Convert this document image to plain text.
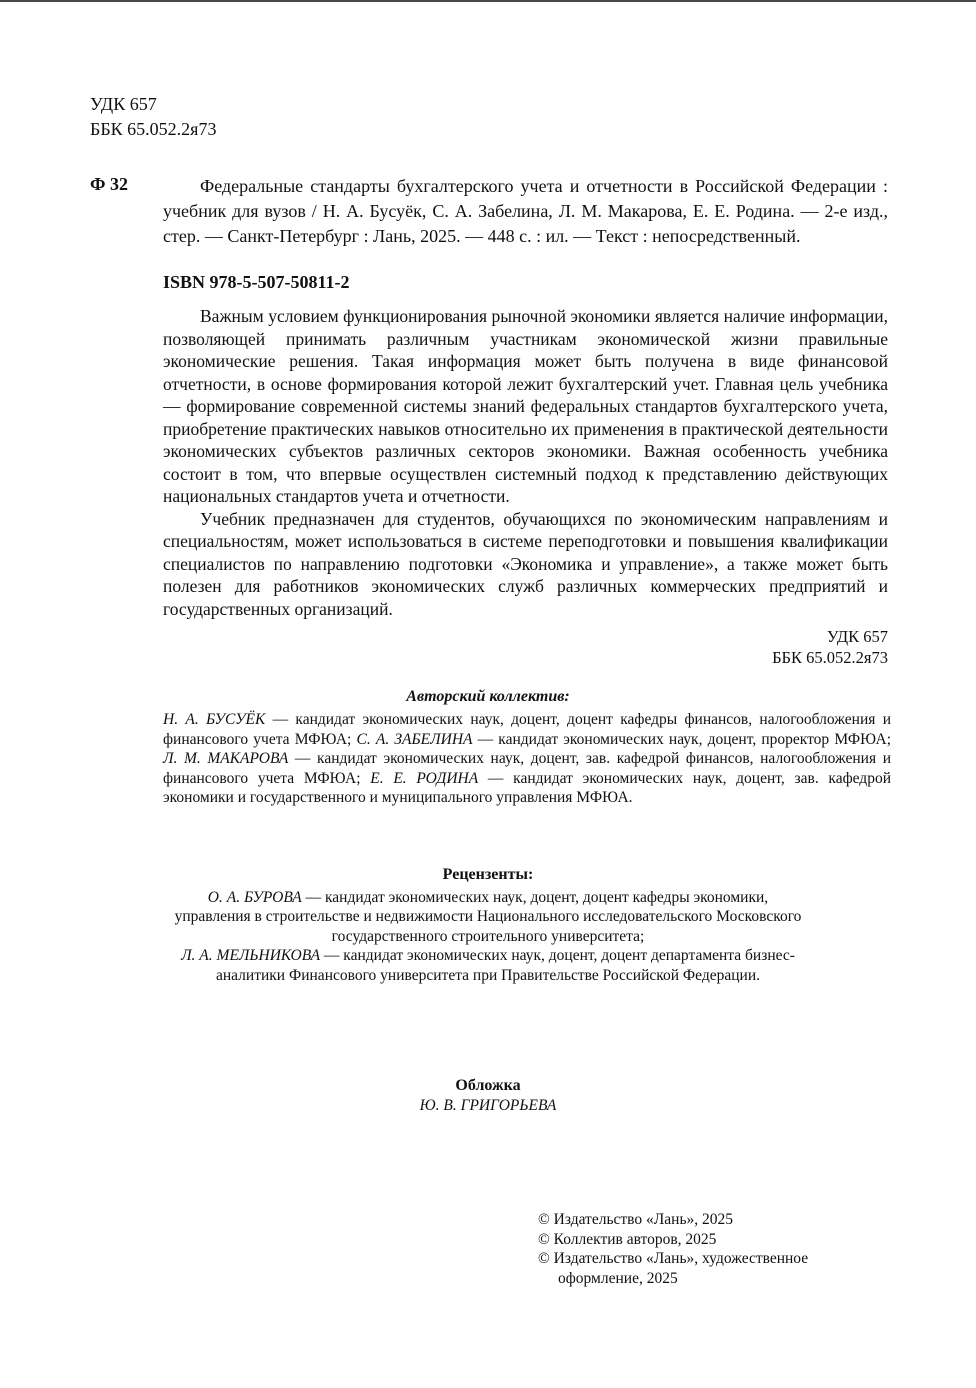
УДК 657
ББК 65.052.2я73
Ф 32	Федеральные стандарты бухгалтерского учета и отчетности в Российской Федерации : учебник для вузов / Н. А. Бусуёк, С. А. Забелина, Л. М. Макарова, Е. Е. Родина. — 2-е изд., стер. — Санкт-Петербург : Лань, 2025. — 448 с. : ил. — Текст : непосредственный.

ISBN 978-5-507-50811-2

Важным условием функционирования рыночной экономики является наличие информации, позволяющей принимать различным участникам экономической жизни правильные экономические решения. Такая информация может быть получена в виде финансовой отчетности, в основе формирования которой лежит бухгалтерский учет. Главная цель учебника — формирование современной системы знаний федеральных стандартов бухгалтерского учета, приобретение практических навыков относительно их применения в практической деятельности экономических субъектов различных секторов экономики. Важная особенность учебника состоит в том, что впервые осуществлен системный подход к представлению действующих национальных стандартов учета и отчетности.

Учебник предназначен для студентов, обучающихся по экономическим направлениям и специальностям, может использоваться в системе переподготовки и повышения квалификации специалистов по направлению подготовки «Экономика и управление», а также может быть полезен для работников экономических служб различных коммерческих предприятий и государственных организаций.

УДК 657
ББК 65.052.2я73

Авторский коллектив:

Н. А. БУСУЁК — кандидат экономических наук, доцент, доцент кафедры финансов, налогообложения и финансового учета МФЮА; С. А. ЗАБЕЛИНА — кандидат экономических наук, доцент, проректор МФЮА; Л. М. МАКАРОВА — кандидат экономических наук, доцент, зав. кафедрой финансов, налогообложения и финансового учета МФЮА; Е. Е. РОДИНА — кандидат экономических наук, доцент, зав. кафедрой экономики и государственного и муниципального управления МФЮА.

Рецензенты:

О. А. БУРОВА — кандидат экономических наук, доцент, доцент кафедры экономики, управления в строительстве и недвижимости Национального исследовательского Московского государственного строительного университета;
Л. А. МЕЛЬНИКОВА — кандидат экономических наук, доцент, доцент департамента бизнес-аналитики Финансового университета при Правительстве Российской Федерации.

Обложка

Ю. В. ГРИГОРЬЕВА

© Издательство «Лань», 2025
© Коллектив авторов, 2025
© Издательство «Лань», художественное оформление, 2025
